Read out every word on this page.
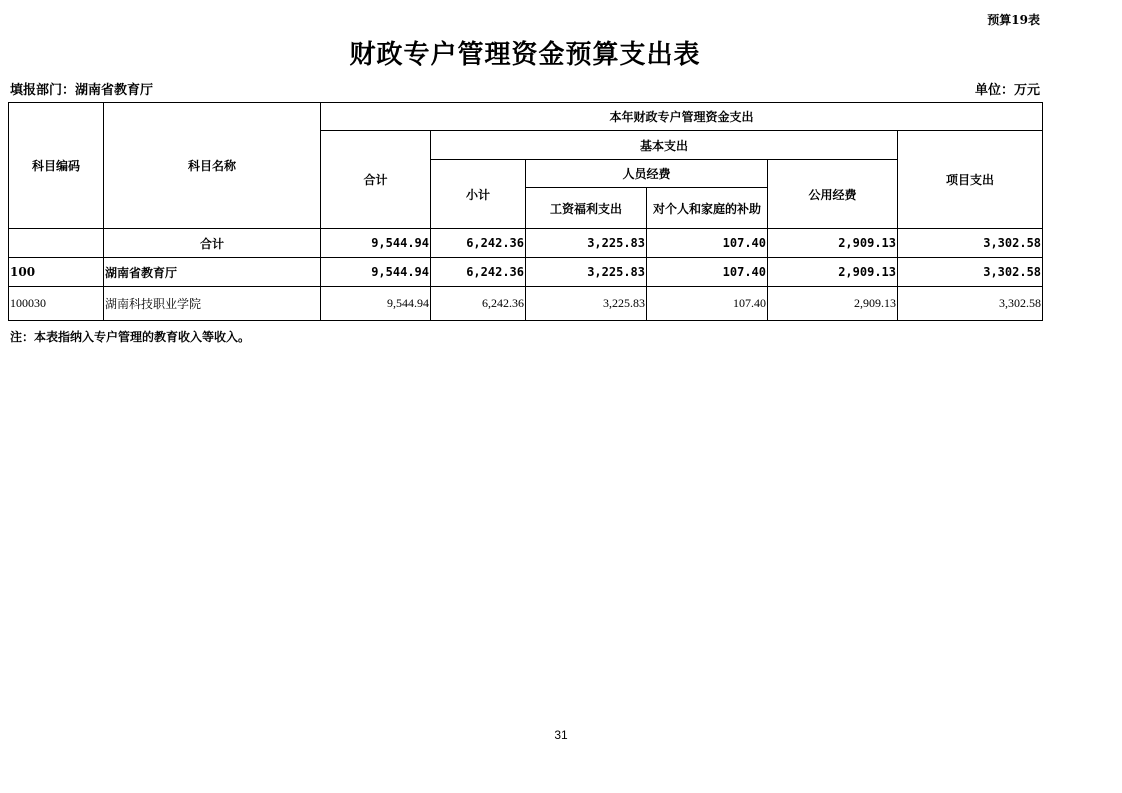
预算19表
财政专户管理资金预算支出表
填报部门：湖南省教育厅	单位：万元
科目编码	科目名称	本年财政专户管理资金支出					
		合计	基本支出				项目支出
			小计	人员经费		公用经费	
				工资福利支出	对个人和家庭的补助		
	合计	9,544.94	6,242.36	3,225.83	107.40	2,909.13	3,302.58
100	湖南省教育厅	9,544.94	6,242.36	3,225.83	107.40	2,909.13	3,302.58
100030	湖南科技职业学院	9,544.94	6,242.36	3,225.83	107.40	2,909.13	3,302.58
注：本表指纳入专户管理的教育收入等收入。
31
